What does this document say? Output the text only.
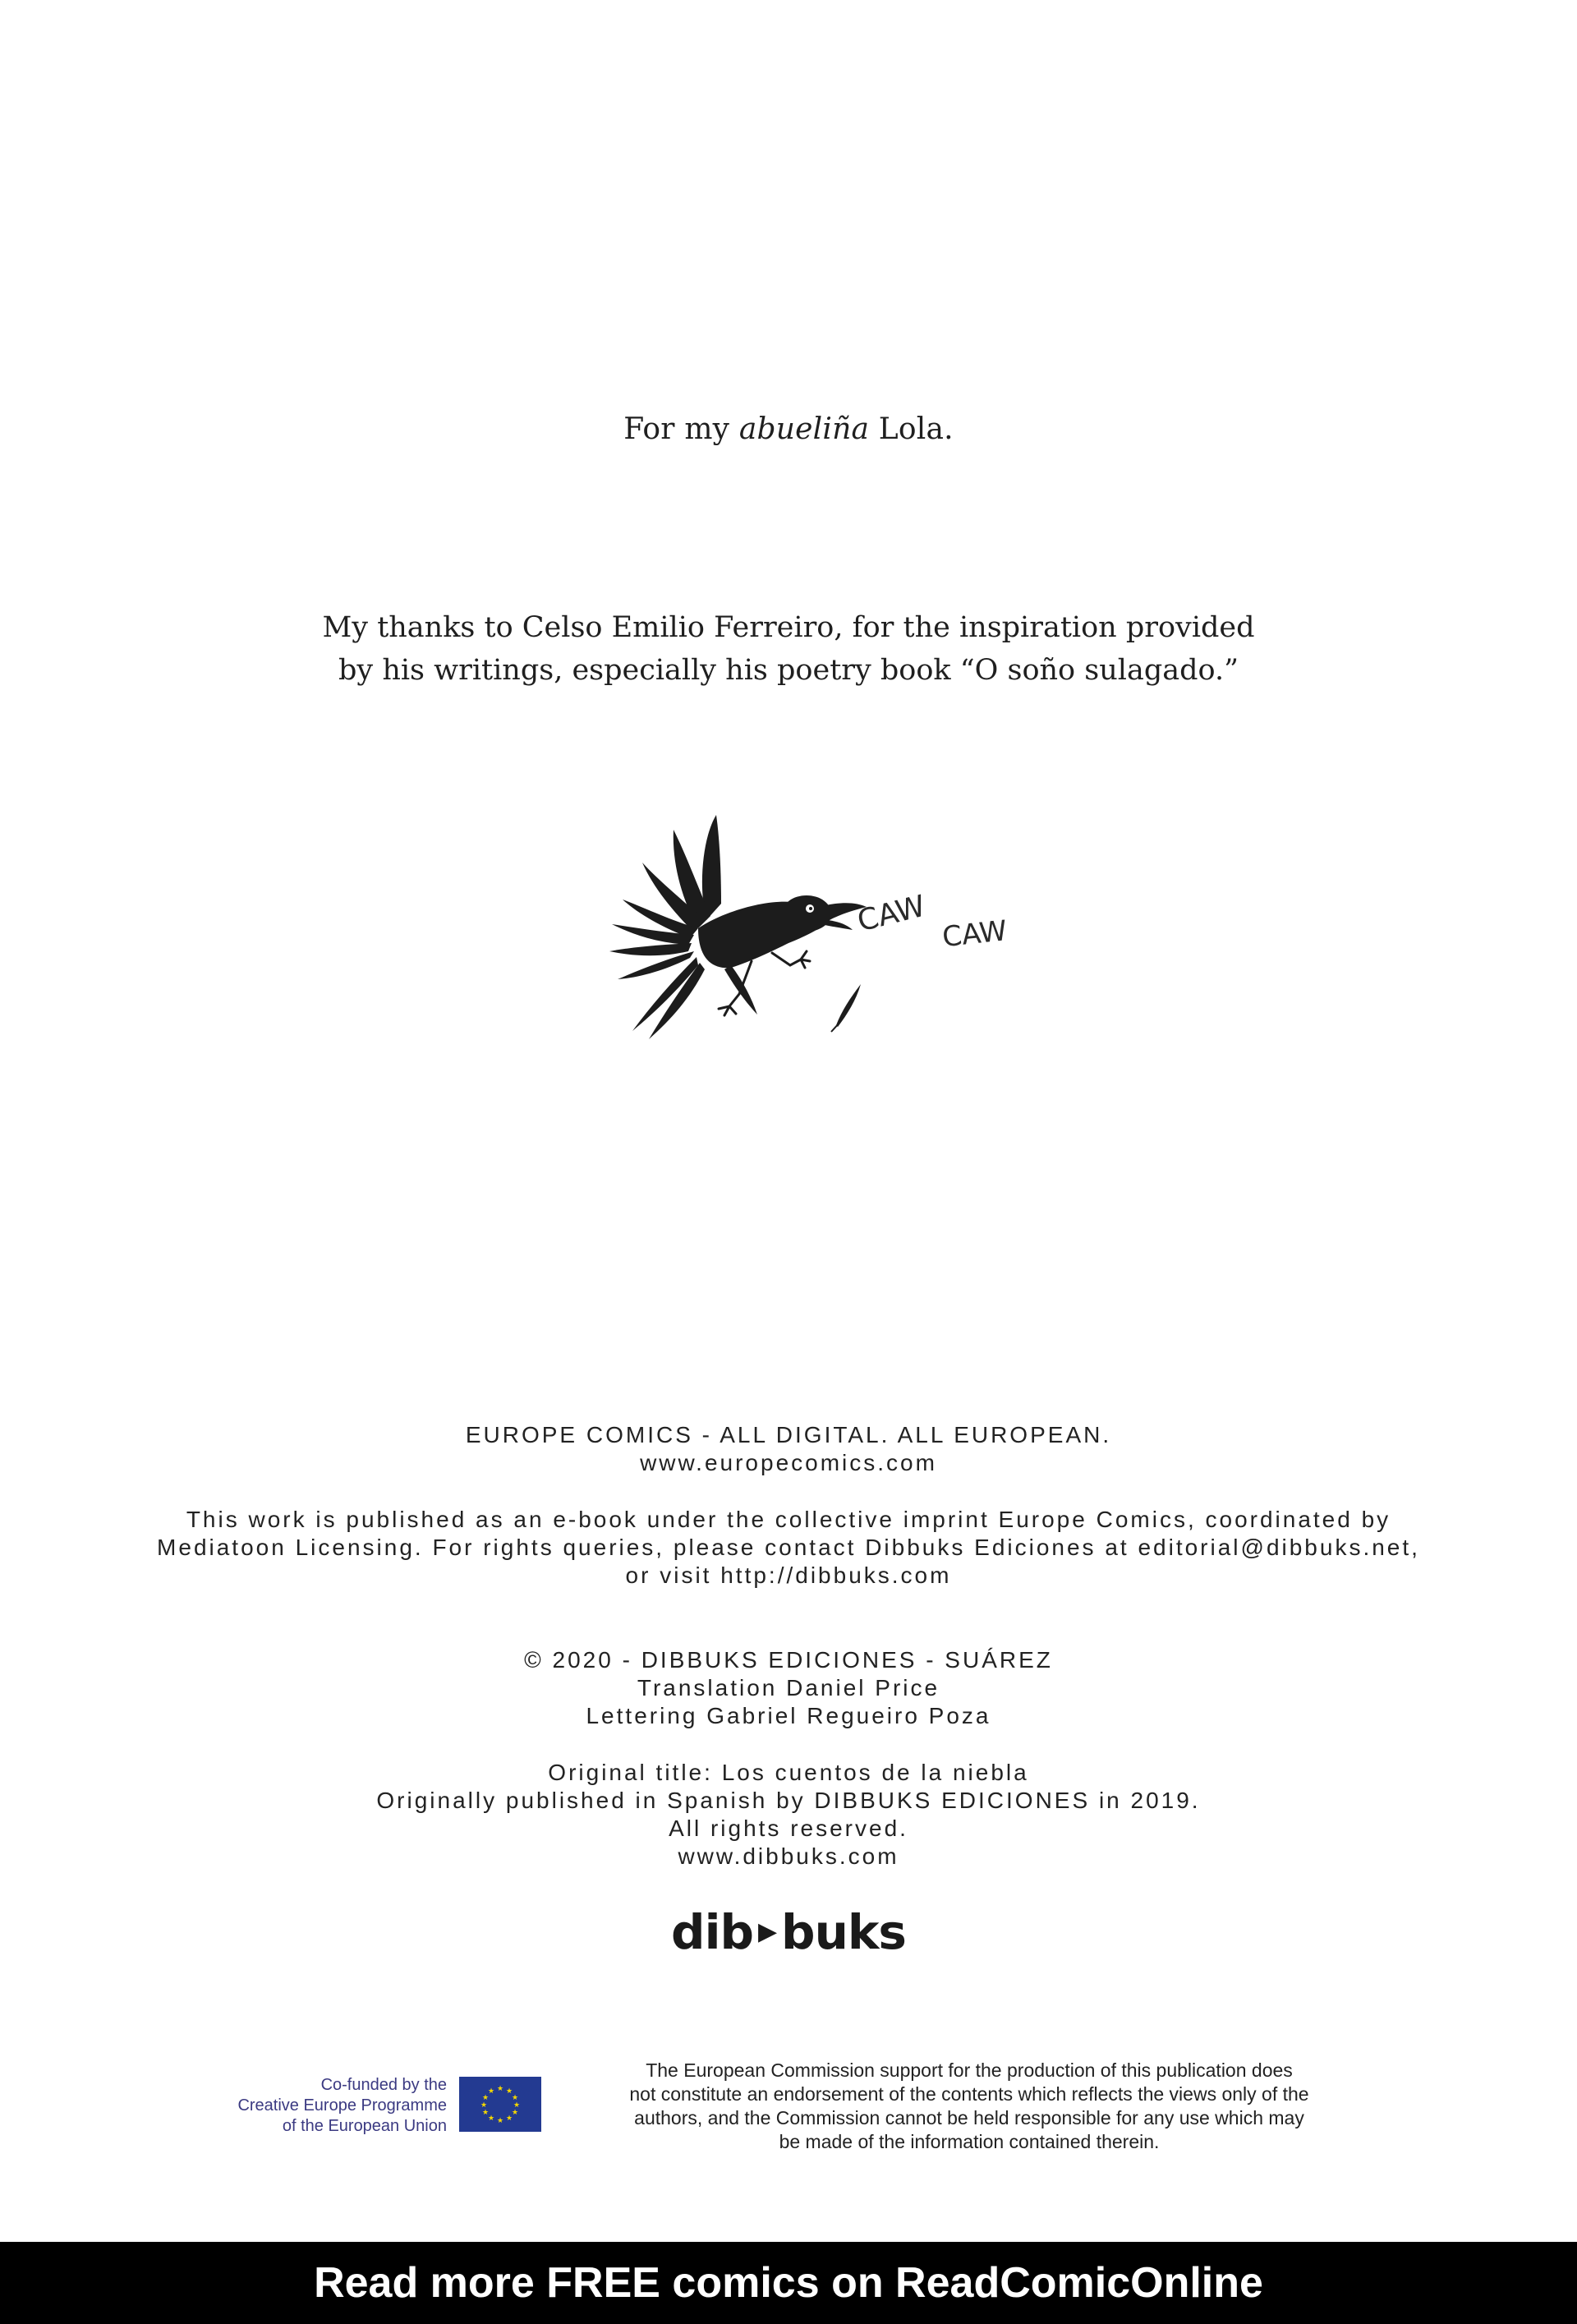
For my abueliña Lola.
My thanks to Celso Emilio Ferreiro, for the inspiration provided
by his writings, especially his poetry book “O soño sulagado.”
CAW CAW
EUROPE COMICS - ALL DIGITAL. ALL EUROPEAN.
www.europecomics.com
This work is published as an e-book under the collective imprint Europe Comics, coordinated by
Mediatoon Licensing. For rights queries, please contact Dibbuks Ediciones at editorial@dibbuks.net,
or visit http://dibbuks.com
© 2020 - DIBBUKS EDICIONES - SUÁREZ
Translation Daniel Price
Lettering Gabriel Regueiro Poza
Original title: Los cuentos de la niebla
Originally published in Spanish by DIBBUKS EDICIONES in 2019.
All rights reserved.
www.dibbuks.com
dib ▶ buks
Co-funded by the
Creative Europe Programme
of the European Union
★ ★
★
★
★
★
★
★
★
★
★
★
The European Commission support for the production of this publication does
not constitute an endorsement of the contents which reflects the views only of the
authors, and the Commission cannot be held responsible for any use which may
be made of the information contained therein.
Read more FREE comics on ReadComicOnline
